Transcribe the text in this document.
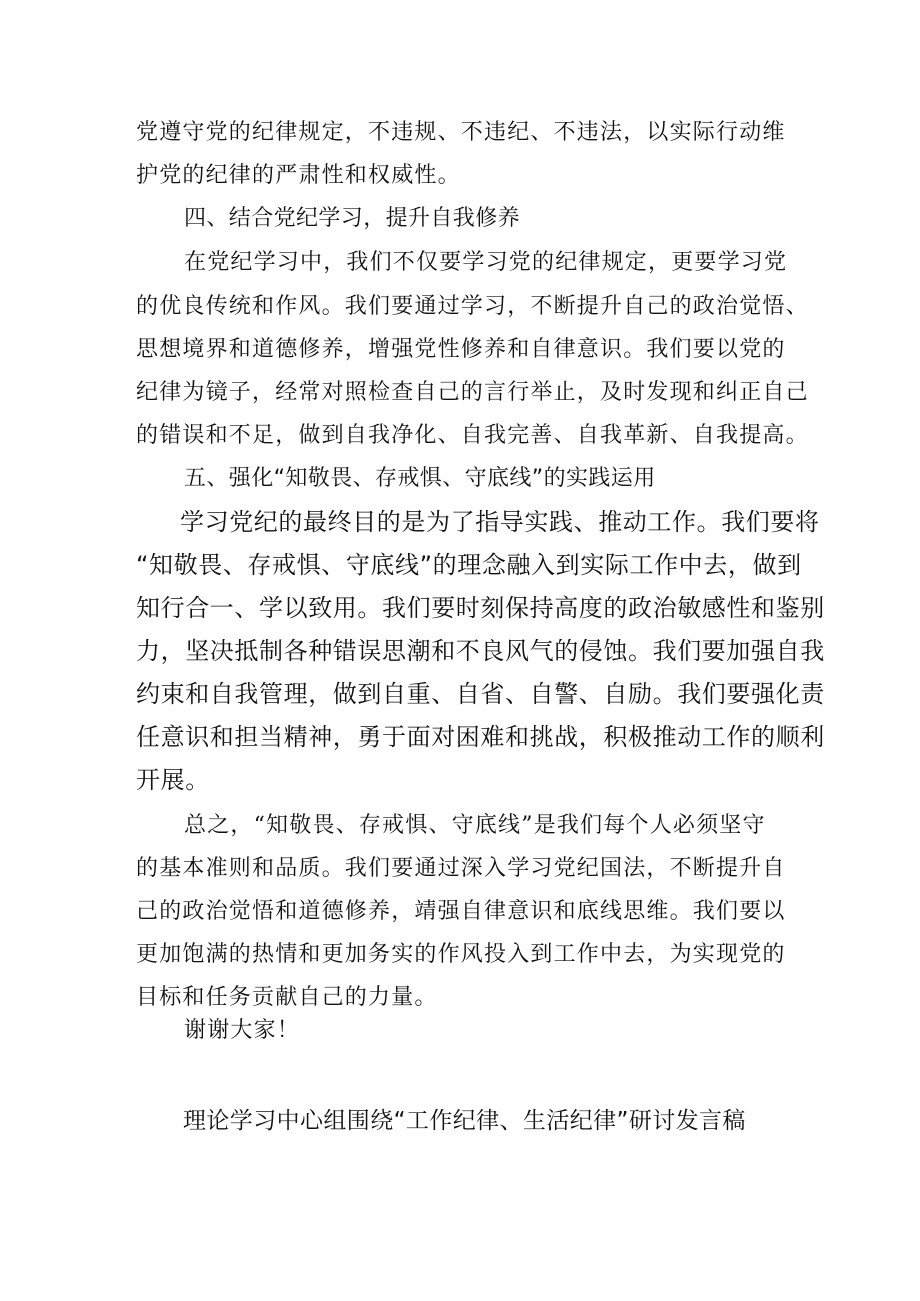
党遵守党的纪律规定，不违规、不违纪、不违法，以实际行动维
护党的纪律的严肃性和权威性。
四、结合党纪学习，提升自我修养
在党纪学习中，我们不仅要学习党的纪律规定，更要学习党
的优良传统和作风。我们要通过学习，不断提升自己的政治觉悟、
思想境界和道德修养，增强党性修养和自律意识。我们要以党的
纪律为镜子，经常对照检查自己的言行举止，及时发现和纠正自己
的错误和不足，做到自我净化、自我完善、自我革新、自我提高。
五、强化“知敬畏、存戒惧、守底线”的实践运用
学习党纪的最终目的是为了指导实践、推动工作。我们要将
“知敬畏、存戒惧、守底线”的理念融入到实际工作中去，做到
知行合一、学以致用。我们要时刻保持高度的政治敏感性和鉴别
力，坚决抵制各种错误思潮和不良风气的侵蚀。我们要加强自我
约束和自我管理，做到自重、自省、自警、自励。我们要强化责
任意识和担当精神，勇于面对困难和挑战，积极推动工作的顺利
开展。
总之，“知敬畏、存戒惧、守底线”是我们每个人必须坚守
的基本准则和品质。我们要通过深入学习党纪国法，不断提升自
己的政治觉悟和道德修养，靖强自律意识和底线思维。我们要以
更加饱满的热情和更加务实的作风投入到工作中去，为实现党的
目标和任务贡献自己的力量。
谢谢大家！
理论学习中心组围绕“工作纪律、生活纪律”研讨发言稿
